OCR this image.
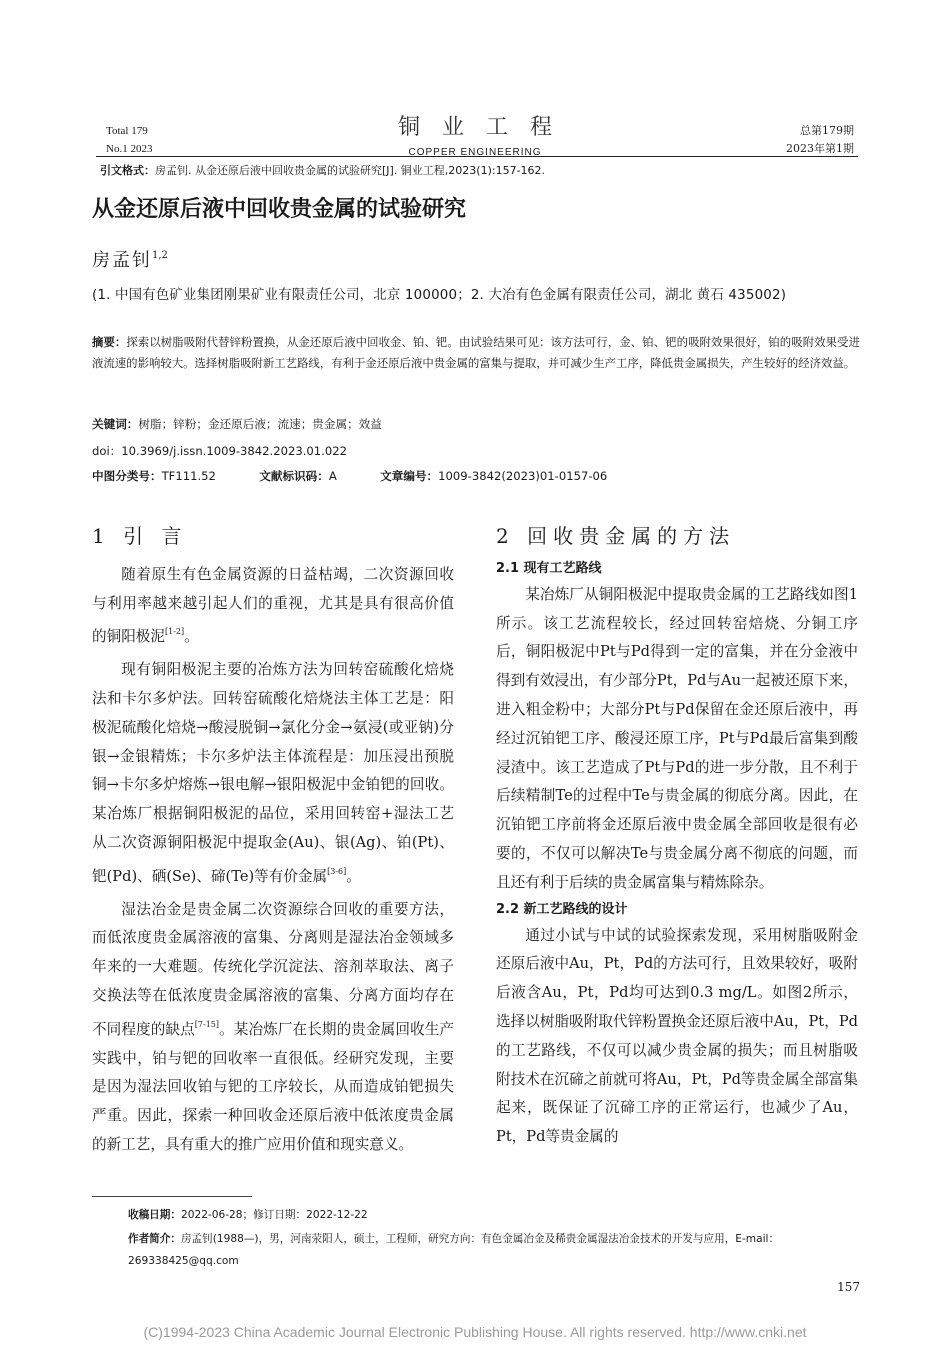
Total 179
No.1 2023
铜业工程
COPPER ENGINEERING
总第179期
2023年第1期
引文格式：房孟钊. 从金还原后液中回收贵金属的试验研究[J]. 铜业工程,2023(1):157-162.
从金还原后液中回收贵金属的试验研究
房孟钊$^{1,2}$
(1. 中国有色矿业集团刚果矿业有限责任公司，北京 100000；2. 大冶有色金属有限责任公司，湖北 黄石 435002)
摘要：探索以树脂吸附代替锌粉置换，从金还原后液中回收金、铂、钯。由试验结果可见：该方法可行，金、铂、钯的吸附效果很好，铂的吸附效果受进液流速的影响较大。选择树脂吸附新工艺路线，有利于金还原后液中贵金属的富集与提取，并可减少生产工序，降低贵金属损失，产生较好的经济效益。
关键词：树脂；锌粉；金还原后液；流速；贵金属；效益
doi：10.3969/j.issn.1009-3842.2023.01.022
中图分类号：TF111.52	文献标识码：A	文章编号：1009-3842(2023)01-0157-06
1 引 言

随着原生有色金属资源的日益枯竭，二次资源回收与利用率越来越引起人们的重视，尤其是具有很高价值的铜阳极泥[1-2]。

现有铜阳极泥主要的冶炼方法为回转窑硫酸化焙烧法和卡尔多炉法。回转窑硫酸化焙烧法主体工艺是：阳极泥硫酸化焙烧→酸浸脱铜→氯化分金→氨浸(或亚钠)分银→金银精炼；卡尔多炉法主体流程是：加压浸出预脱铜→卡尔多炉熔炼→银电解→银阳极泥中金铂钯的回收。某冶炼厂根据铜阳极泥的品位，采用回转窑+湿法工艺从二次资源铜阳极泥中提取金(Au)、银(Ag)、铂(Pt)、钯(Pd)、硒(Se)、碲(Te)等有价金属[3-6]。

湿法冶金是贵金属二次资源综合回收的重要方法，而低浓度贵金属溶液的富集、分离则是湿法冶金领域多年来的一大难题。传统化学沉淀法、溶剂萃取法、离子交换法等在低浓度贵金属溶液的富集、分离方面均存在不同程度的缺点[7-15]。某冶炼厂在长期的贵金属回收生产实践中，铂与钯的回收率一直很低。经研究发现，主要是因为湿法回收铂与钯的工序较长，从而造成铂钯损失严重。因此，探索一种回收金还原后液中低浓度贵金属的新工艺，具有重大的推广应用价值和现实意义。

2 回收贵金属的方法
2.1 现有工艺路线

某冶炼厂从铜阳极泥中提取贵金属的工艺路线如图1所示。该工艺流程较长，经过回转窑焙烧、分铜工序后，铜阳极泥中Pt与Pd得到一定的富集，并在分金液中得到有效浸出，有少部分Pt，Pd与Au一起被还原下来，进入粗金粉中；大部分Pt与Pd保留在金还原后液中，再经过沉铂钯工序、酸浸还原工序，Pt与Pd最后富集到酸浸渣中。该工艺造成了Pt与Pd的进一步分散，且不利于后续精制Te的过程中Te与贵金属的彻底分离。因此，在沉铂钯工序前将金还原后液中贵金属全部回收是很有必要的，不仅可以解决Te与贵金属分离不彻底的问题，而且还有利于后续的贵金属富集与精炼除杂。

2.2 新工艺路线的设计

通过小试与中试的试验探索发现，采用树脂吸附金还原后液中Au，Pt，Pd的方法可行，且效果较好，吸附后液含Au，Pt，Pd均可达到0.3 mg/L。如图2所示，选择以树脂吸附取代锌粉置换金还原后液中Au，Pt，Pd的工艺路线，不仅可以减少贵金属的损失；而且树脂吸附技术在沉碲之前就可将Au，Pt，Pd等贵金属全部富集起来，既保证了沉碲工序的正常运行，也减少了Au，Pt，Pd等贵金属的

收稿日期：2022-06-28；修订日期：2022-12-22
作者简介：房孟钊(1988—)，男，河南荥阳人，硕士，工程师，研究方向：有色金属冶金及稀贵金属湿法冶金技术的开发与应用，E-mail：269338425@qq.com
157
(C)1994-2023 China Academic Journal Electronic Publishing House. All rights reserved. http://www.cnki.net
